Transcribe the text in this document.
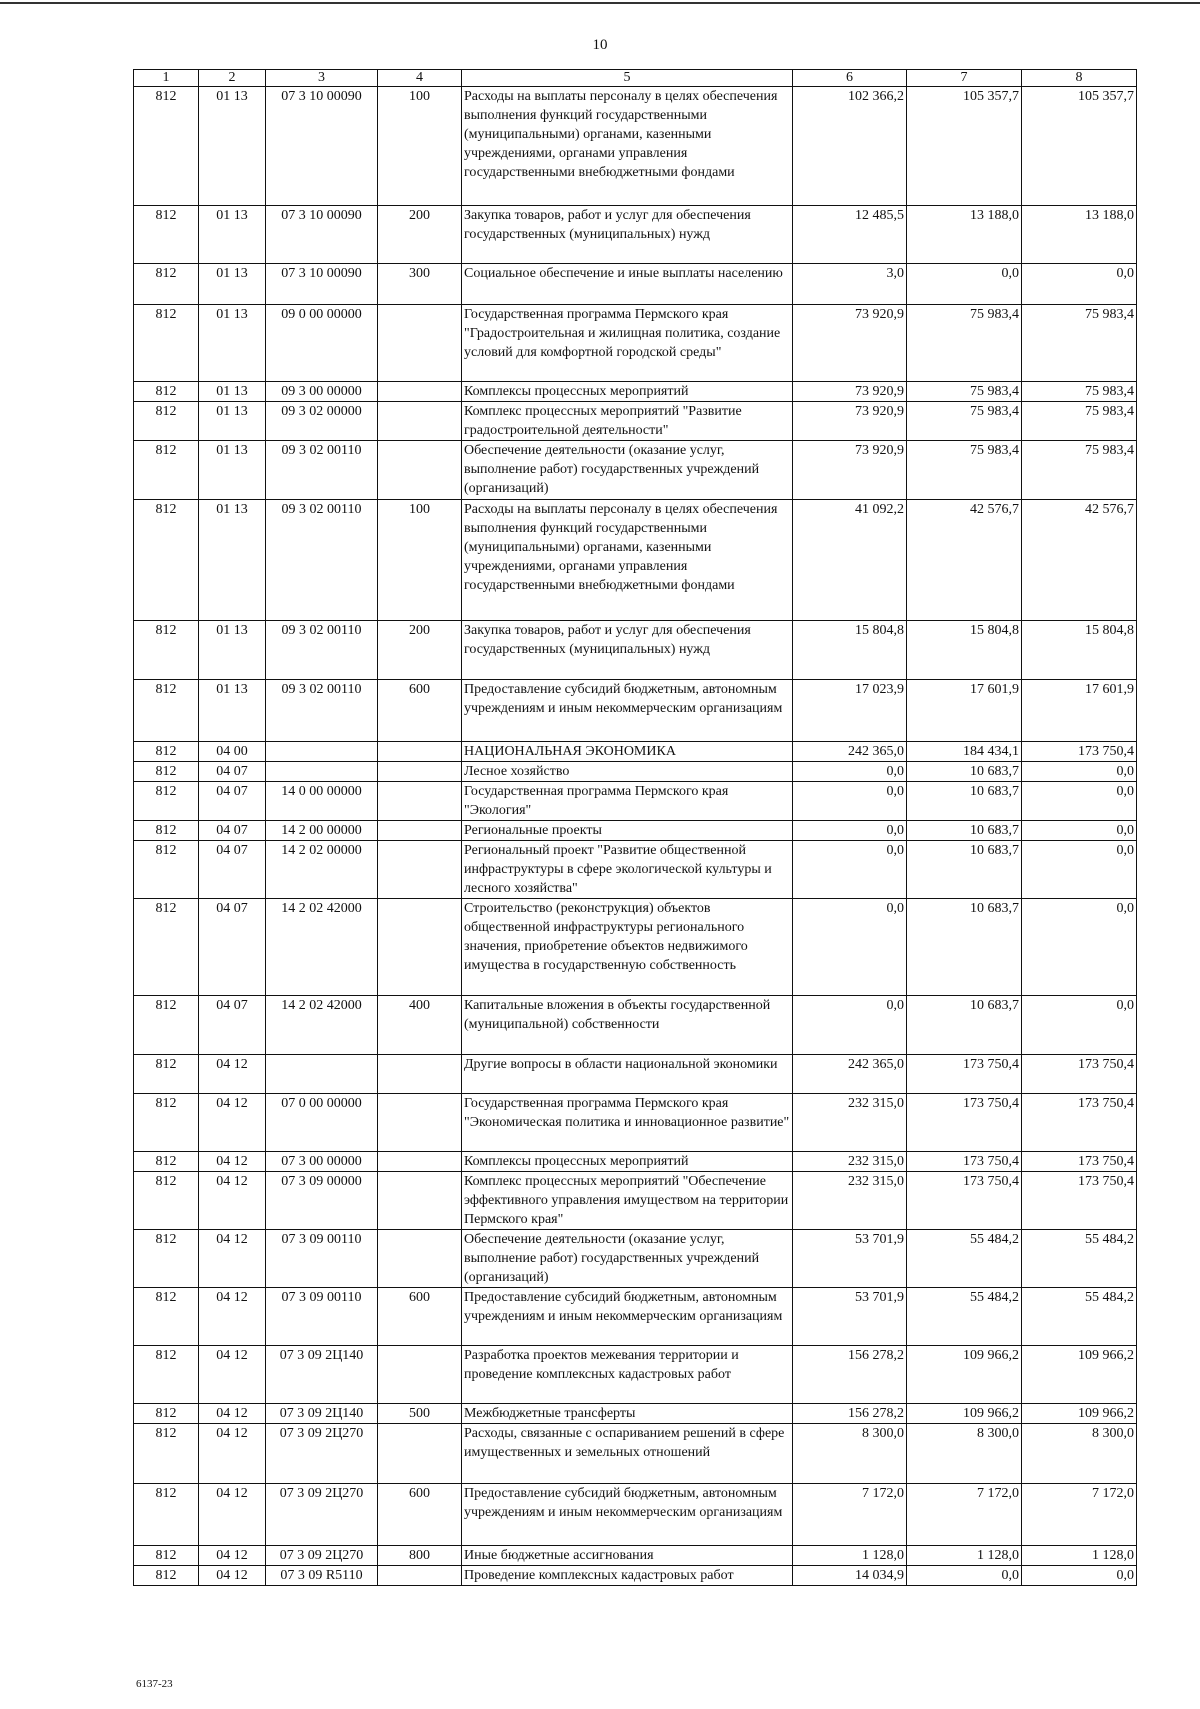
10
1	2	3	4	5	6	7	8
812	01 13	07 3 10 00090	100	Расходы на выплаты персоналу в целях обеспечения выполнения функций государственными (муниципальными) органами, казенными учреждениями, органами управления государственными внебюджетными фондами	102 366,2	105 357,7	105 357,7
812	01 13	07 3 10 00090	200	Закупка товаров, работ и услуг для обеспечения государственных (муниципальных) нужд	12 485,5	13 188,0	13 188,0
812	01 13	07 3 10 00090	300	Социальное обеспечение и иные выплаты населению	3,0	0,0	0,0
812	01 13	09 0 00 00000		Государственная программа Пермского края "Градостроительная и жилищная политика, создание условий для комфортной городской среды"	73 920,9	75 983,4	75 983,4
812	01 13	09 3 00 00000		Комплексы процессных мероприятий	73 920,9	75 983,4	75 983,4
812	01 13	09 3 02 00000		Комплекс процессных мероприятий "Развитие градостроительной деятельности"	73 920,9	75 983,4	75 983,4
812	01 13	09 3 02 00110		Обеспечение деятельности (оказание услуг, выполнение работ) государственных учреждений (организаций)	73 920,9	75 983,4	75 983,4
812	01 13	09 3 02 00110	100	Расходы на выплаты персоналу в целях обеспечения выполнения функций государственными (муниципальными) органами, казенными учреждениями, органами управления государственными внебюджетными фондами	41 092,2	42 576,7	42 576,7
812	01 13	09 3 02 00110	200	Закупка товаров, работ и услуг для обеспечения государственных (муниципальных) нужд	15 804,8	15 804,8	15 804,8
812	01 13	09 3 02 00110	600	Предоставление субсидий бюджетным, автономным учреждениям и иным некоммерческим организациям	17 023,9	17 601,9	17 601,9
812	04 00			НАЦИОНАЛЬНАЯ ЭКОНОМИКА	242 365,0	184 434,1	173 750,4
812	04 07			Лесное хозяйство	0,0	10 683,7	0,0
812	04 07	14 0 00 00000		Государственная программа Пермского края "Экология"	0,0	10 683,7	0,0
812	04 07	14 2 00 00000		Региональные проекты	0,0	10 683,7	0,0
812	04 07	14 2 02 00000		Региональный проект "Развитие общественной инфраструктуры в сфере экологической культуры и лесного хозяйства"	0,0	10 683,7	0,0
812	04 07	14 2 02 42000		Строительство (реконструкция) объектов общественной инфраструктуры регионального значения, приобретение объектов недвижимого имущества в государственную собственность	0,0	10 683,7	0,0
812	04 07	14 2 02 42000	400	Капитальные вложения в объекты государственной (муниципальной) собственности	0,0	10 683,7	0,0
812	04 12			Другие вопросы в области национальной экономики	242 365,0	173 750,4	173 750,4
812	04 12	07 0 00 00000		Государственная программа Пермского края "Экономическая политика и инновационное развитие"	232 315,0	173 750,4	173 750,4
812	04 12	07 3 00 00000		Комплексы процессных мероприятий	232 315,0	173 750,4	173 750,4
812	04 12	07 3 09 00000		Комплекс процессных мероприятий "Обеспечение эффективного управления имуществом на территории Пермского края"	232 315,0	173 750,4	173 750,4
812	04 12	07 3 09 00110		Обеспечение деятельности (оказание услуг, выполнение работ) государственных учреждений (организаций)	53 701,9	55 484,2	55 484,2
812	04 12	07 3 09 00110	600	Предоставление субсидий бюджетным, автономным учреждениям и иным некоммерческим организациям	53 701,9	55 484,2	55 484,2
812	04 12	07 3 09 2Ц140		Разработка проектов межевания территории и проведение комплексных кадастровых работ	156 278,2	109 966,2	109 966,2
812	04 12	07 3 09 2Ц140	500	Межбюджетные трансферты	156 278,2	109 966,2	109 966,2
812	04 12	07 3 09 2Ц270		Расходы, связанные с оспариванием решений в сфере имущественных и земельных отношений	8 300,0	8 300,0	8 300,0
812	04 12	07 3 09 2Ц270	600	Предоставление субсидий бюджетным, автономным учреждениям и иным некоммерческим организациям	7 172,0	7 172,0	7 172,0
812	04 12	07 3 09 2Ц270	800	Иные бюджетные ассигнования	1 128,0	1 128,0	1 128,0
812	04 12	07 3 09 R5110		Проведение комплексных кадастровых работ	14 034,9	0,0	0,0
6137-23
